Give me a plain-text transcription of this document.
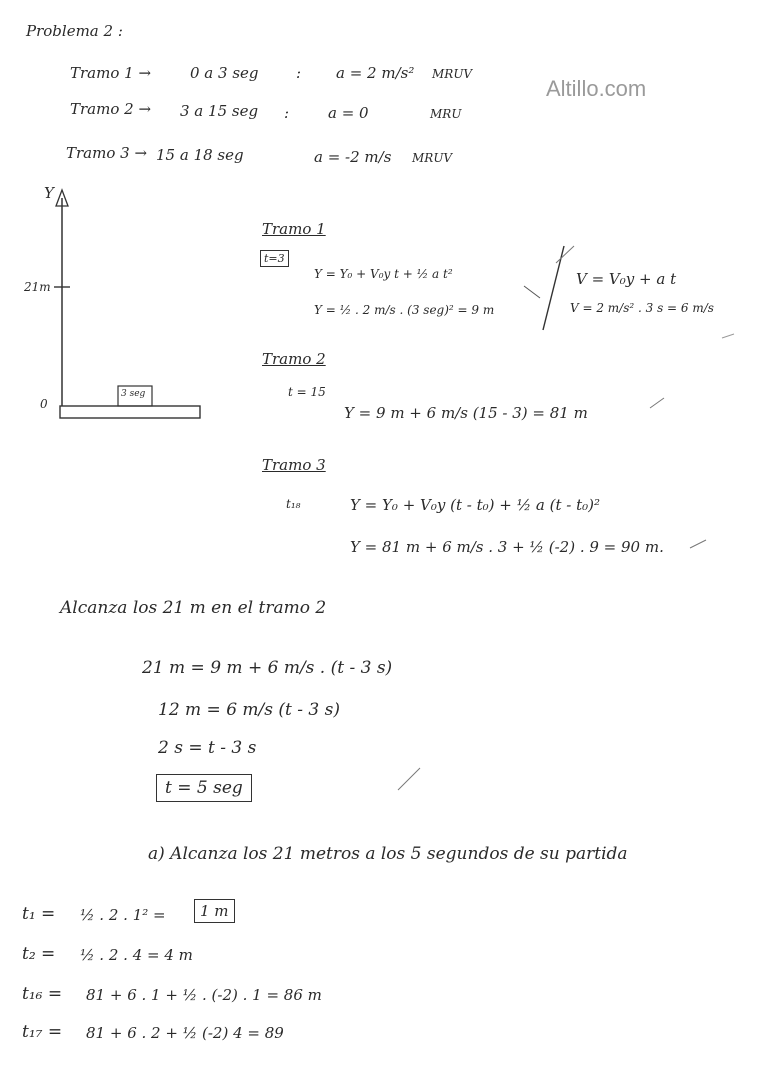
Altillo.com
Problema 2 :
Tramo 1 →	0 a 3 seg : a = 2 m/s² MRUV
Tramo 2 → 3 a 15 seg :	a = 0	MRU
Tramo 3 → 15 a 18 seg	a = -2 m/s MRUV
Y
21m
0
3 seg
Tramo 1
t=3
Y = Y₀ + V₀y t + ½ a t²
Y = ½ . 2 m/s . (3 seg)² = 9 m
V = V₀y + a t
V = 2 m/s² . 3 s = 6 m/s
Tramo 2
t = 15
Y = 9 m + 6 m/s (15 - 3) = 81 m
Tramo 3
t₁₈	Y = Y₀ + V₀y (t - t₀) + ½ a (t - t₀)²
Y = 81 m + 6 m/s . 3 + ½ (-2) . 9 = 90 m.
Alcanza los 21 m en el tramo 2
21 m = 9 m + 6 m/s . (t - 3 s)
12 m = 6 m/s (t - 3 s)
2 s = t - 3 s
t = 5 seg
a) Alcanza los 21 metros a los 5 segundos de su partida
t₁ = ½ . 2 . 1² =	1 m
t₂ = ½ . 2 . 4 = 4 m
t₁₆ = 81 + 6 . 1 + ½ . (-2) . 1 = 86 m
t₁₇ = 81 + 6 . 2 + ½ (-2) 4 = 89
